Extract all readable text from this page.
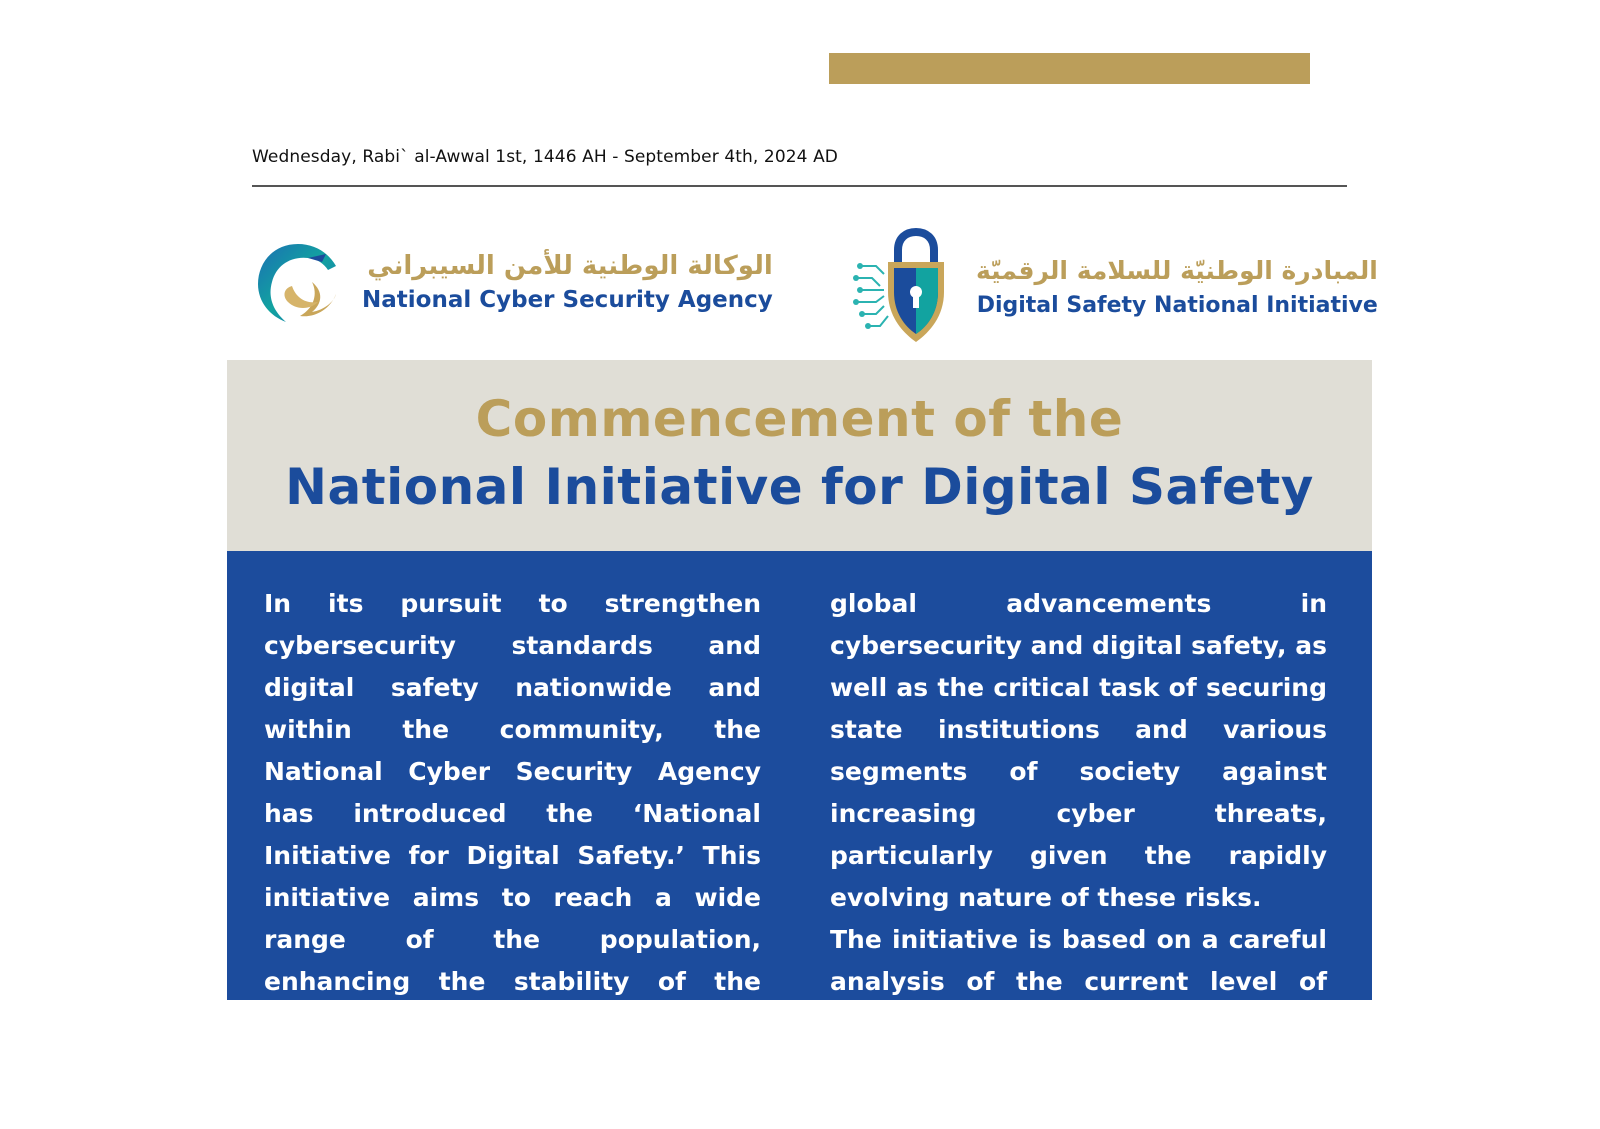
Wednesday, Rabi` al-Awwal 1st, 1446 AH - September 4th, 2024 AD
الوكالة الوطنية للأمن السيبراني
National Cyber Security Agency
المبادرة الوطنيّة للسلامة الرقميّة
Digital Safety National Initiative
Commencement of the
National Initiative for Digital Safety

In its pursuit to strengthen cybersecurity standards and digital safety nationwide and within the community, the National Cyber Security Agency has introduced the ‘National Initiative for Digital Safety.’ This initiative aims to reach a wide range of the population, enhancing the stability of the nation’s cyberspace and improving the community’s ability to withstand rising cyber threats.

global advancements in cybersecurity and digital safety, as well as the critical task of securing state institutions and various segments of society against increasing cyber threats, particularly given the rapidly evolving nature of these risks.

The initiative is based on a careful analysis of the current level of cybersecurity awareness among the target groups,
